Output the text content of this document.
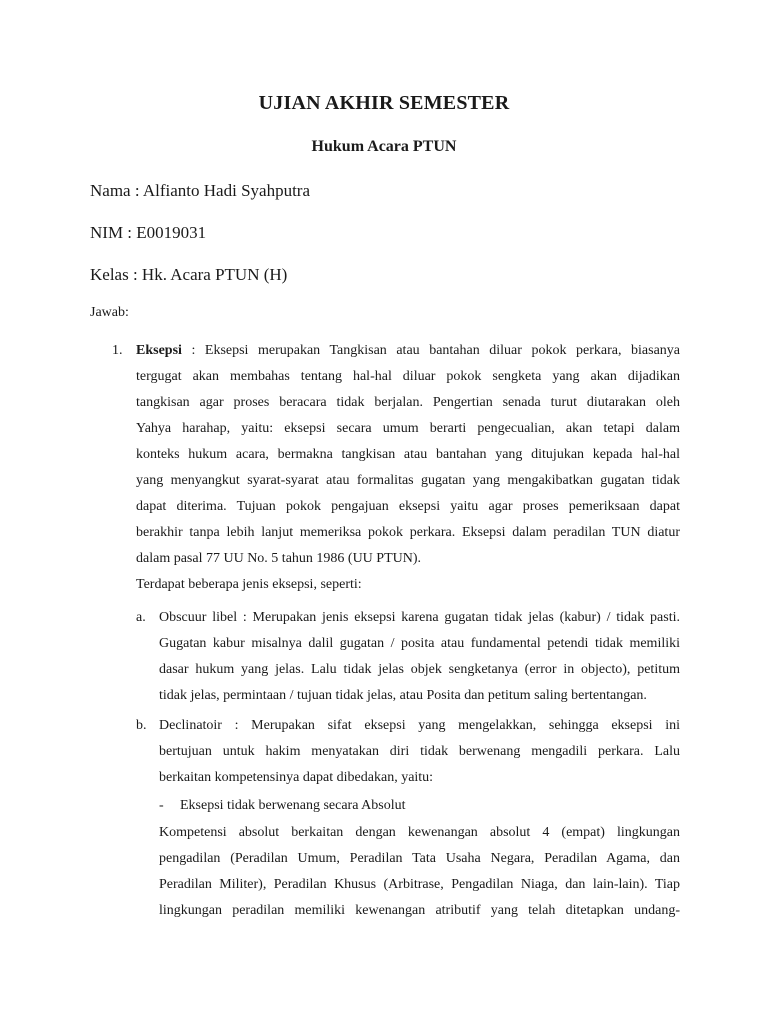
UJIAN AKHIR SEMESTER
Hukum Acara PTUN
Nama : Alfianto Hadi Syahputra
NIM : E0019031
Kelas : Hk. Acara PTUN (H)
Jawab:
1. Eksepsi : Eksepsi merupakan Tangkisan atau bantahan diluar pokok perkara, biasanya
tergugat akan membahas tentang hal-hal diluar pokok sengketa yang akan dijadikan
tangkisan agar proses beracara tidak berjalan. Pengertian senada turut diutarakan oleh
Yahya harahap, yaitu: eksepsi secara umum berarti pengecualian, akan tetapi dalam
konteks hukum acara, bermakna tangkisan atau bantahan yang ditujukan kepada hal-hal
yang menyangkut syarat-syarat atau formalitas gugatan yang mengakibatkan gugatan tidak
dapat diterima. Tujuan pokok pengajuan eksepsi yaitu agar proses pemeriksaan dapat
berakhir tanpa lebih lanjut memeriksa pokok perkara. Eksepsi dalam peradilan TUN diatur
dalam pasal 77 UU No. 5 tahun 1986 (UU PTUN).
Terdapat beberapa jenis eksepsi, seperti:
a. Obscuur libel : Merupakan jenis eksepsi karena gugatan tidak jelas (kabur) / tidak pasti.
Gugatan kabur misalnya dalil gugatan / posita atau fundamental petendi tidak memiliki
dasar hukum yang jelas. Lalu tidak jelas objek sengketanya (error in objecto), petitum
tidak jelas, permintaan / tujuan tidak jelas, atau Posita dan petitum saling bertentangan.
b. Declinatoir : Merupakan sifat eksepsi yang mengelakkan, sehingga eksepsi ini
bertujuan untuk hakim menyatakan diri tidak berwenang mengadili perkara. Lalu
berkaitan kompetensinya dapat dibedakan, yaitu:
- Eksepsi tidak berwenang secara Absolut
Kompetensi absolut berkaitan dengan kewenangan absolut 4 (empat) lingkungan
pengadilan (Peradilan Umum, Peradilan Tata Usaha Negara, Peradilan Agama, dan
Peradilan Militer), Peradilan Khusus (Arbitrase, Pengadilan Niaga, dan lain-lain). Tiap
lingkungan peradilan memiliki kewenangan atributif yang telah ditetapkan undang-
